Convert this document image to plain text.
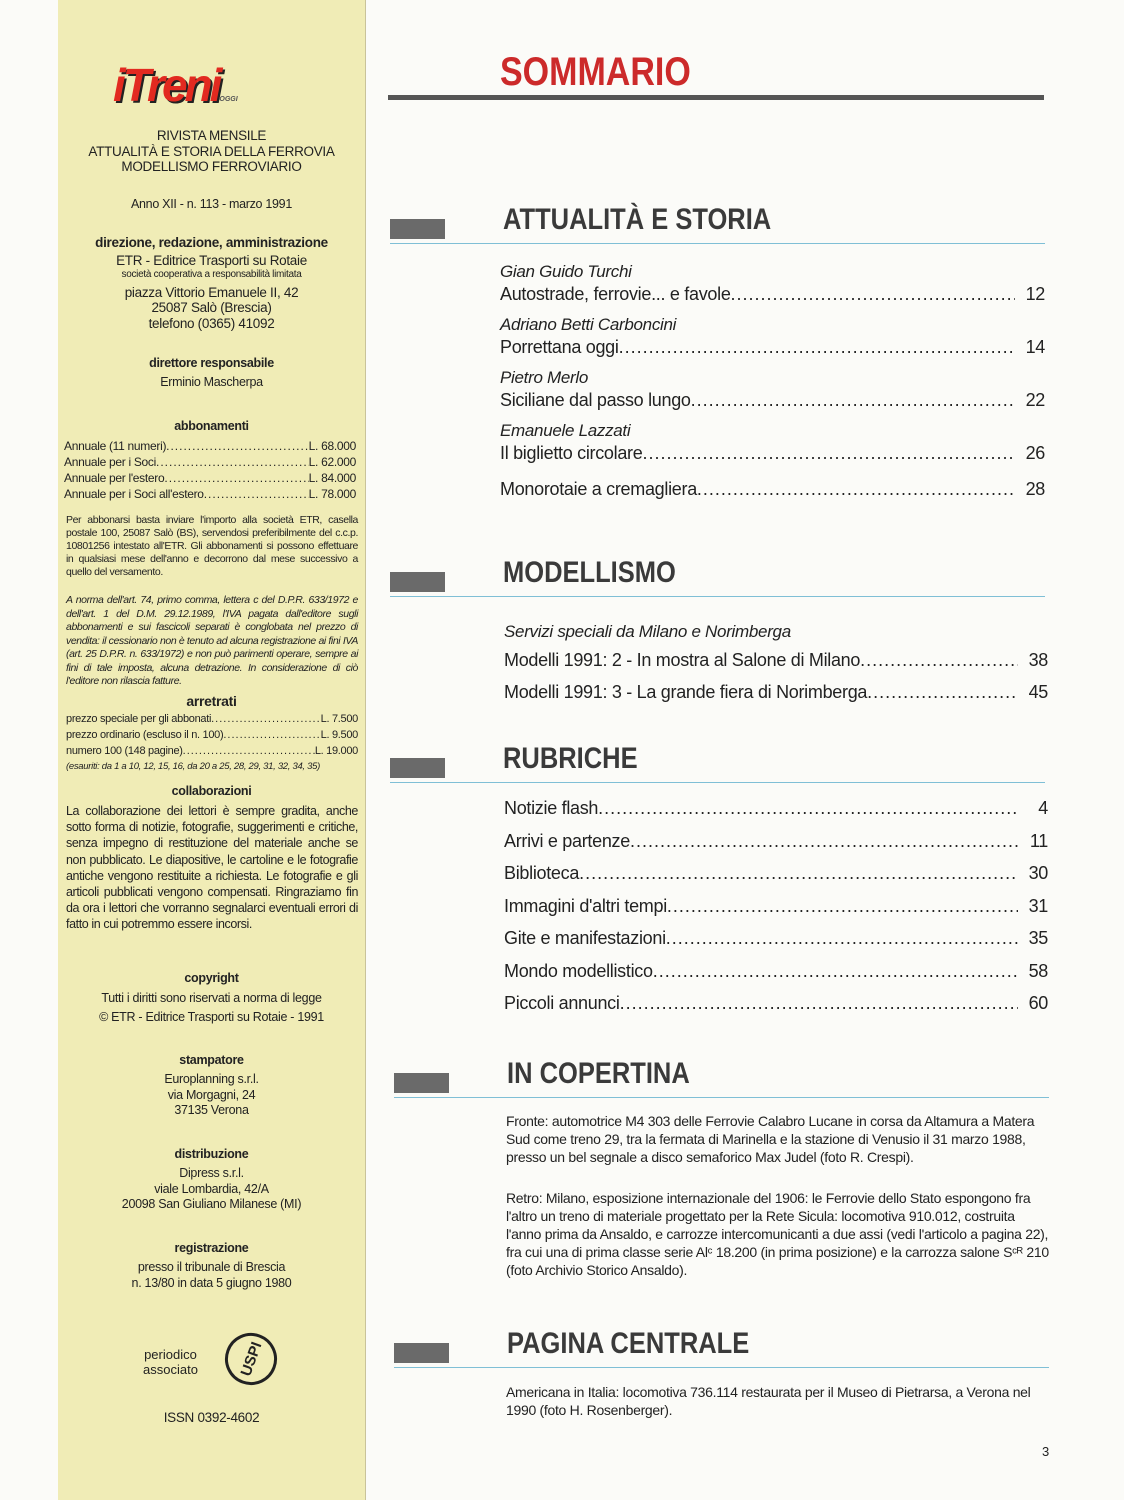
iTreniOGGI
RIVISTA MENSILE
ATTUALITÀ E STORIA DELLA FERROVIA
MODELLISMO FERROVIARIO
Anno XII - n. 113 - marzo 1991
direzione, redazione, amministrazione
ETR - Editrice Trasporti su Rotaie
società cooperativa a responsabilità limitata
piazza Vittorio Emanuele II, 42
25087 Salò (Brescia)
telefono (0365) 41092
direttore responsabile
Erminio Mascherpa
abbonamenti
Annuale (11 numeri) .....	L. 68.000
Annuale per i Soci .....	L. 62.000
Annuale per l'estero .....	L. 84.000
Annuale per i Soci all'estero .....	L. 78.000
Per abbonarsi basta inviare l'importo alla società ETR, casella postale 100, 25087 Salò (BS), servendosi preferibilmente del c.c.p. 10801256 intestato all'ETR. Gli abbonamenti si possono effettuare in qualsiasi mese dell'anno e decorrono dal mese successivo a quello del versamento.
A norma dell'art. 74, primo comma, lettera c del D.P.R. 633/1972 e dell'art. 1 del D.M. 29.12.1989, l'IVA pagata dall'editore sugli abbonamenti e sui fascicoli separati è conglobata nel prezzo di vendita: il cessionario non è tenuto ad alcuna registrazione ai fini IVA (art. 25 D.P.R. n. 633/1972) e non può parimenti operare, sempre ai fini di tale imposta, alcuna detrazione. In considerazione di ciò l'editore non rilascia fatture.
arretrati
prezzo speciale per gli abbonati .....	L. 7.500
prezzo ordinario (escluso il n. 100) .....	L. 9.500
numero 100 (148 pagine) .....	L. 19.000
(esauriti: da 1 a 10, 12, 15, 16, da 20 a 25, 28, 29, 31, 32, 34, 35)
collaborazioni
La collaborazione dei lettori è sempre gradita, anche sotto forma di notizie, fotografie, suggerimenti e critiche, senza impegno di restituzione del materiale anche se non pubblicato. Le diapositive, le cartoline e le fotografie antiche vengono restituite a richiesta. Le fotografie e gli articoli pubblicati vengono compensati. Ringraziamo fin da ora i lettori che vorranno segnalarci eventuali errori di fatto in cui potremmo essere incorsi.
copyright
Tutti i diritti sono riservati a norma di legge
© ETR - Editrice Trasporti su Rotaie - 1991
stampatore
Europlanning s.r.l.
via Morgagni, 24
37135 Verona
distribuzione
Dipress s.r.l.
viale Lombardia, 42/A
20098 San Giuliano Milanese (MI)
registrazione
presso il tribunale di Brescia
n. 13/80 in data 5 giugno 1980
periodico
associato	USPI
ISSN 0392-4602
SOMMARIO
ATTUALITÀ E STORIA
Gian Guido Turchi
Autostrade, ferrovie... e favole .....	12
Adriano Betti Carboncini
Porrettana oggi .....	14
Pietro Merlo
Siciliane dal passo lungo .....	22
Emanuele Lazzati
Il biglietto circolare .....	26
Monorotaie a cremagliera .....	28
MODELLISMO
Servizi speciali da Milano e Norimberga
Modelli 1991: 2 - In mostra al Salone di Milano .....	38
Modelli 1991: 3 - La grande fiera di Norimberga .....	45
RUBRICHE
Notizie flash .....	4
Arrivi e partenze .....	11
Biblioteca .....	30
Immagini d'altri tempi .....	31
Gite e manifestazioni .....	35
Mondo modellistico .....	58
Piccoli annunci .....	60
IN COPERTINA
Fronte: automotrice M4 303 delle Ferrovie Calabro Lucane in corsa da Altamura a Matera Sud come treno 29, tra la fermata di Marinella e la stazione di Venusio il 31 marzo 1988, presso un bel segnale a disco semaforico Max Judel (foto R. Crespi).
Retro: Milano, esposizione internazionale del 1906: le Ferrovie dello Stato espongono fra l'altro un treno di materiale progettato per la Rete Sicula: locomotiva 910.012, costruita l'anno prima da Ansaldo, e carrozze intercomunicanti a due assi (vedi l'articolo a pagina 22), fra cui una di prima classe serie Alᶜ 18.200 (in prima posizione) e la carrozza salone Sᶜᴿ 210 (foto Archivio Storico Ansaldo).
PAGINA CENTRALE
Americana in Italia: locomotiva 736.114 restaurata per il Museo di Pietrarsa, a Verona nel 1990 (foto H. Rosenberger).
3
